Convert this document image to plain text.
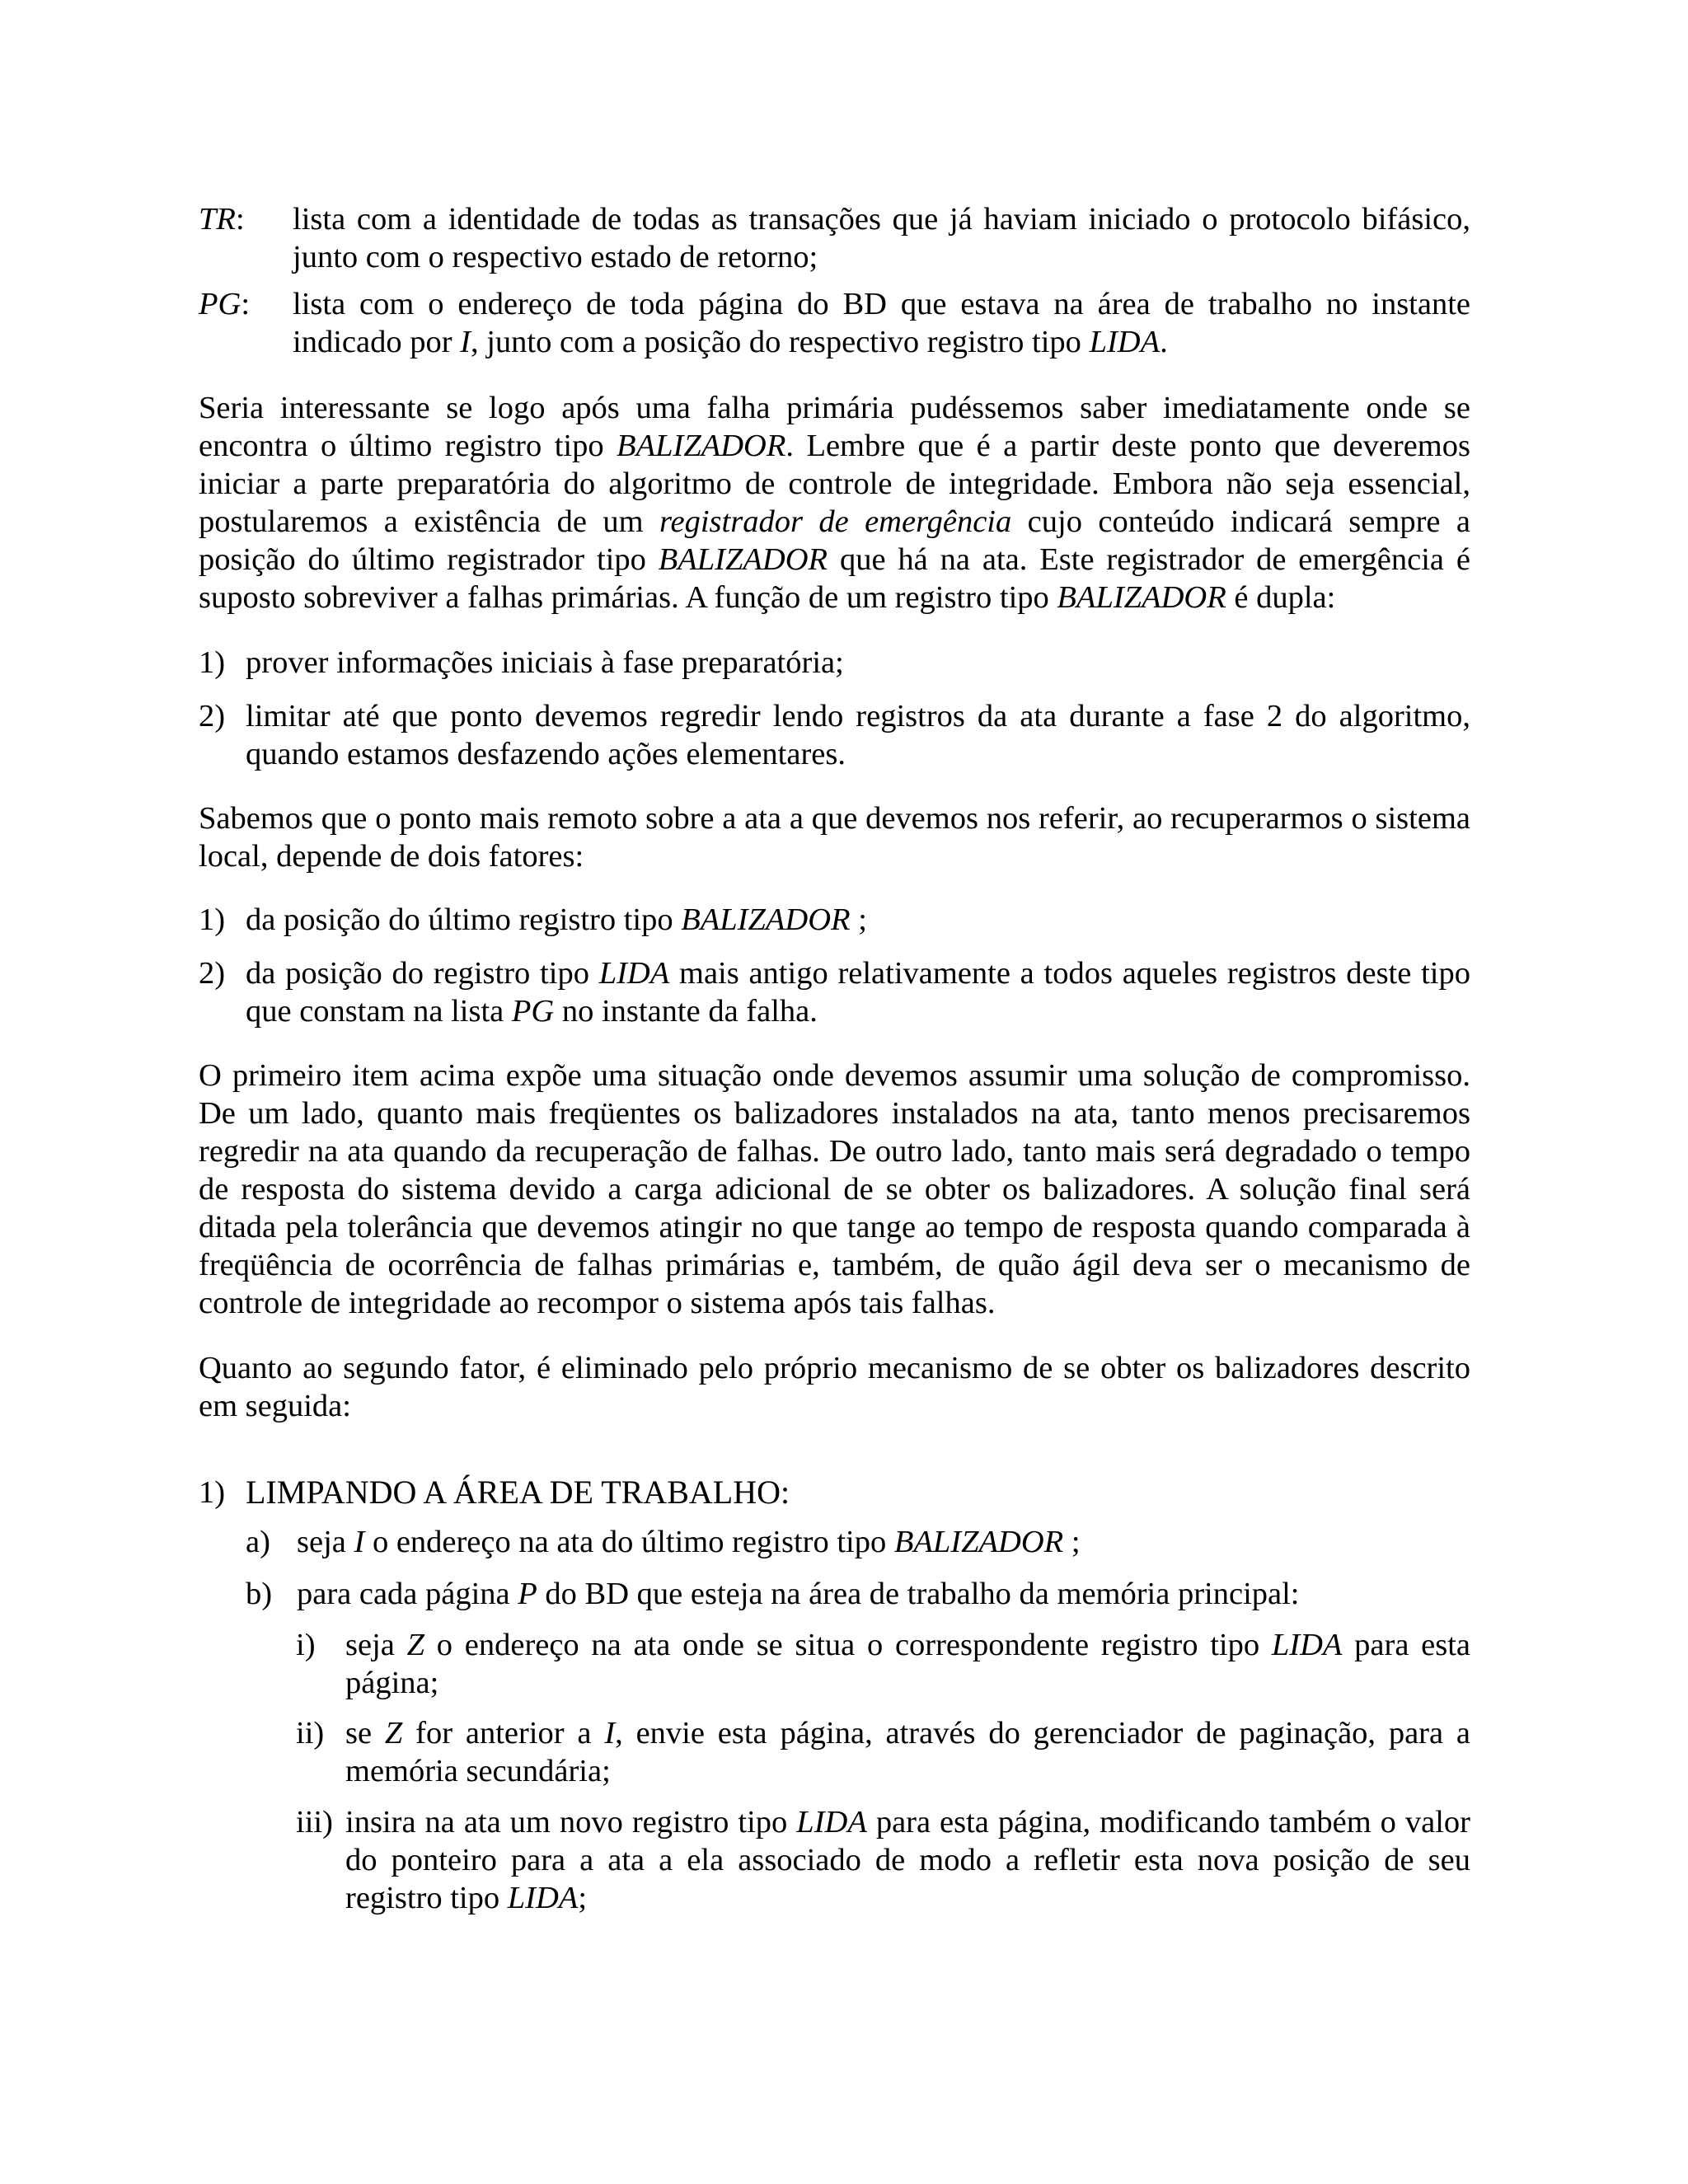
TR:	lista com a identidade de todas as transações que já haviam iniciado o protocolo bifásico, junto com o respectivo estado de retorno;
PG:	lista com o endereço de toda página do BD que estava na área de trabalho no instante indicado por I, junto com a posição do respectivo registro tipo LIDA.

Seria interessante se logo após uma falha primária pudéssemos saber imediatamente onde se encontra o último registro tipo BALIZADOR. Lembre que é a partir deste ponto que deveremos iniciar a parte preparatória do algoritmo de controle de integridade. Embora não seja essencial, postularemos a existência de um registrador de emergência cujo conteúdo indicará sempre a posição do último registrador tipo BALIZADOR que há na ata. Este registrador de emergência é suposto sobreviver a falhas primárias. A função de um registro tipo BALIZADOR é dupla:

1) prover informações iniciais à fase preparatória;
2) limitar até que ponto devemos regredir lendo registros da ata durante a fase 2 do algoritmo, quando estamos desfazendo ações elementares.

Sabemos que o ponto mais remoto sobre a ata a que devemos nos referir, ao recuperarmos o sistema local, depende de dois fatores:

1) da posição do último registro tipo BALIZADOR ;
2) da posição do registro tipo LIDA mais antigo relativamente a todos aqueles registros deste tipo que constam na lista PG no instante da falha.

O primeiro item acima expõe uma situação onde devemos assumir uma solução de compromisso. De um lado, quanto mais freqüentes os balizadores instalados na ata, tanto menos precisaremos regredir na ata quando da recuperação de falhas. De outro lado, tanto mais será degradado o tempo de resposta do sistema devido a carga adicional de se obter os balizadores. A solução final será ditada pela tolerância que devemos atingir no que tange ao tempo de resposta quando comparada à freqüência de ocorrência de falhas primárias e, também, de quão ágil deva ser o mecanismo de controle de integridade ao recompor o sistema após tais falhas.

Quanto ao segundo fator, é eliminado pelo próprio mecanismo de se obter os balizadores descrito em seguida:

1) LIMPANDO A ÁREA DE TRABALHO:
a) seja I o endereço na ata do último registro tipo BALIZADOR ;
b) para cada página P do BD que esteja na área de trabalho da memória principal:
i) seja Z o endereço na ata onde se situa o correspondente registro tipo LIDA para esta página;
ii) se Z for anterior a I, envie esta página, através do gerenciador de paginação, para a memória secundária;
iii) insira na ata um novo registro tipo LIDA para esta página, modificando também o valor do ponteiro para a ata a ela associado de modo a refletir esta nova posição de seu registro tipo LIDA;
